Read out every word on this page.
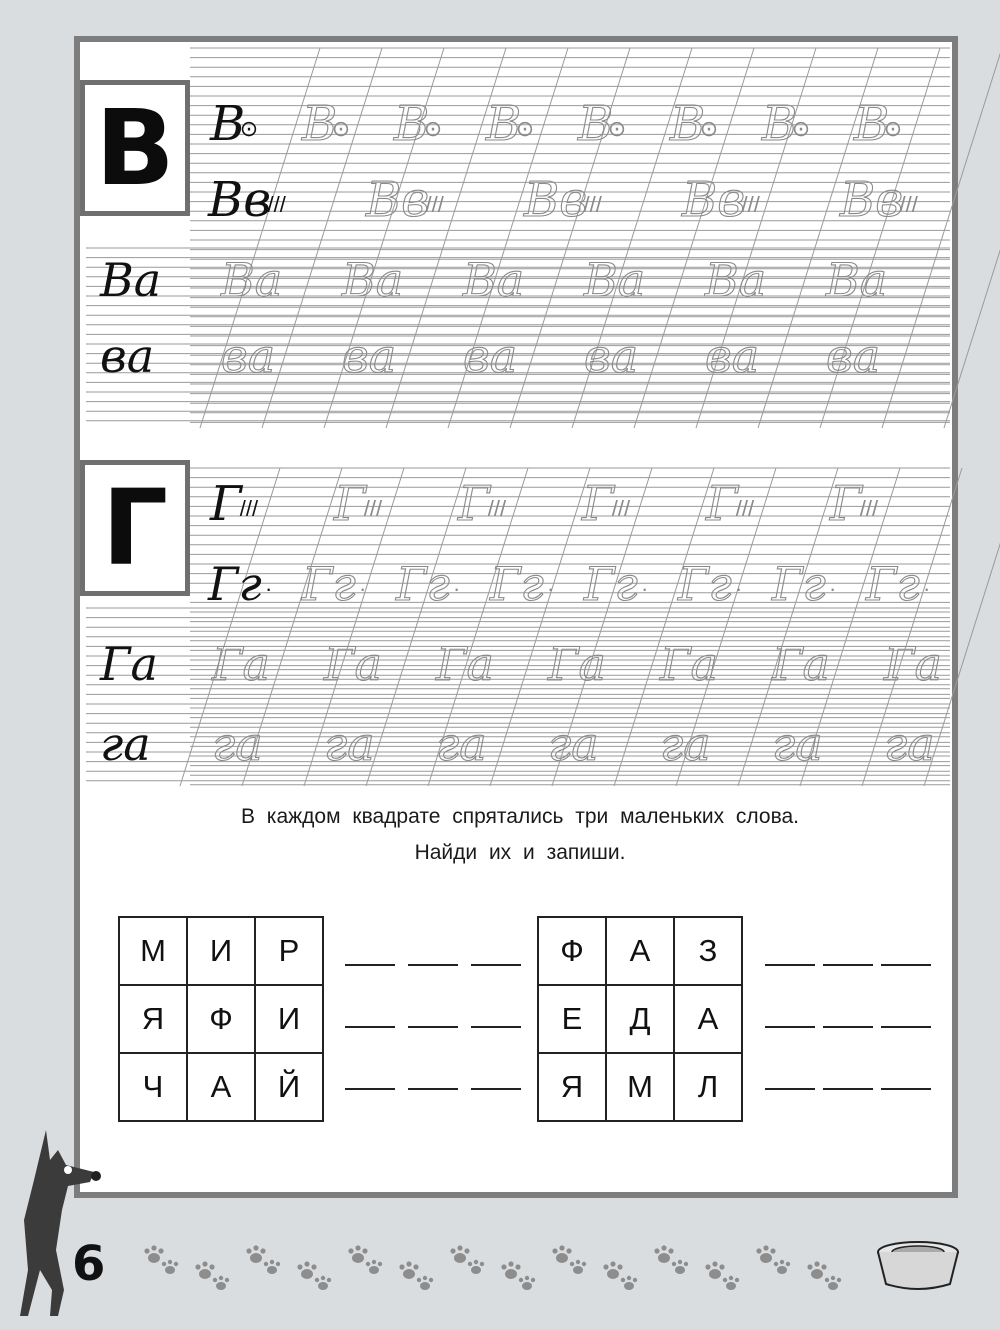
В
⊙ В
⊙ В
⊙ В
⊙ В
⊙ В
⊙ В
⊙ В
⊙
Вв
/// Вв
/// Вв
/// Вв
/// Вв
///
Ва Ва Ва Ва Ва Ва Ва
ва ва ва ва ва ва ва
Г
/// Г
/// Г
/// Г
/// Г
/// Г
///
Гг · Гг · Гг · Гг · Гг · Гг · Гг · Гг ·
Га Га Га Га Га Га Га Га
га га га га га га га га
В
Г
В каждом квадрате спрятались три маленьких слова.
Найди их и запиши.
М	И	Р
Я	Ф	И
Ч	А	Й
Ф	А	З
Е	Д	А
Я	М	Л
6
